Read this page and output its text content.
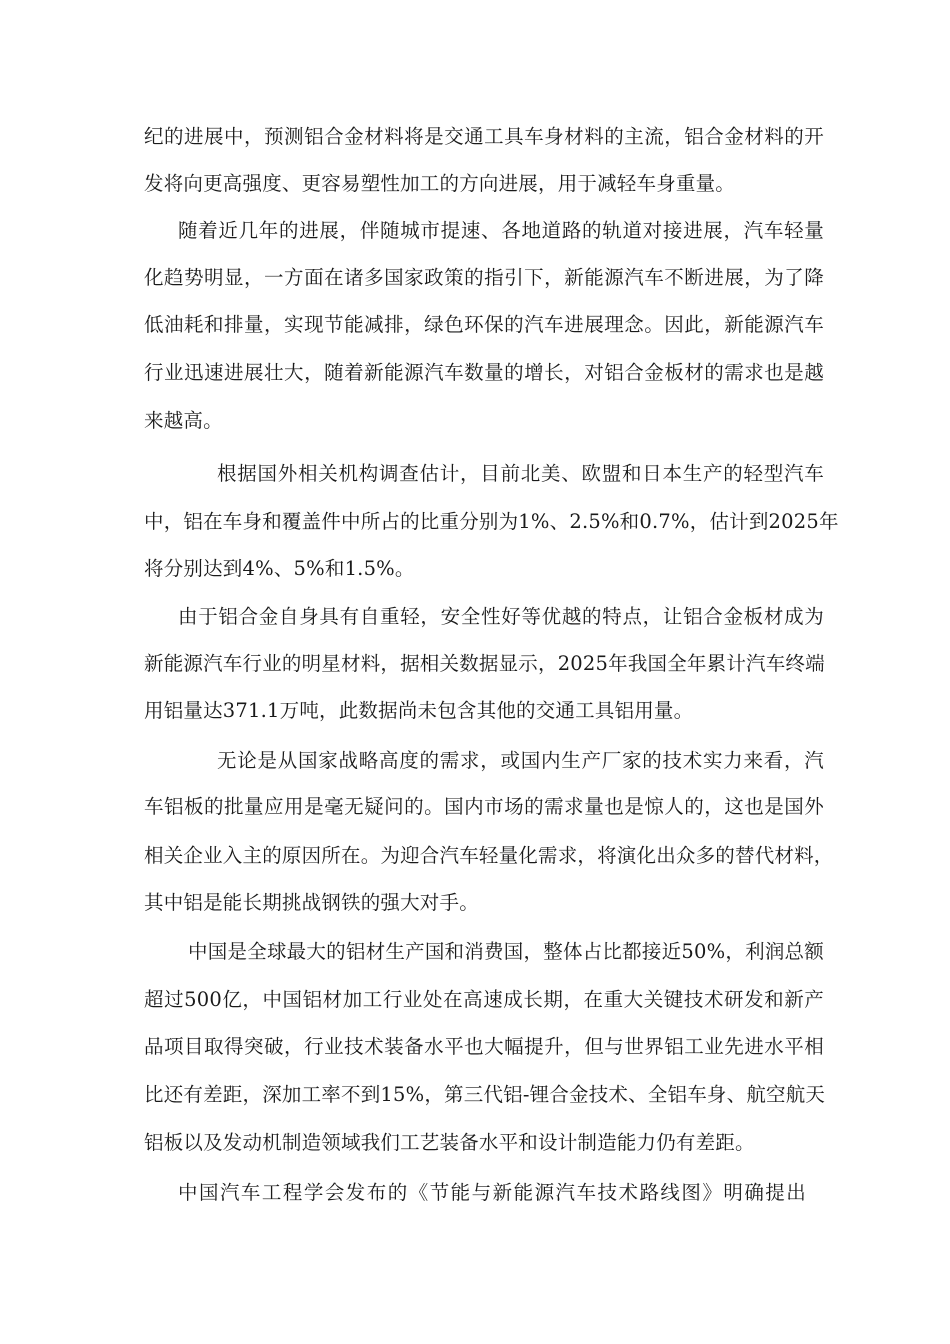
纪的进展中，预测铝合金材料将是交通工具车身材料的主流，铝合金材料的开
发将向更高强度、更容易塑性加工的方向进展，用于减轻车身重量。
随着近几年的进展，伴随城市提速、各地道路的轨道对接进展，汽车轻量
化趋势明显，一方面在诸多国家政策的指引下，新能源汽车不断进展，为了降
低油耗和排量，实现节能减排，绿色环保的汽车进展理念。因此，新能源汽车
行业迅速进展壮大，随着新能源汽车数量的增长，对铝合金板材的需求也是越
来越高。
根据国外相关机构调查估计，目前北美、欧盟和日本生产的轻型汽车
中，铝在车身和覆盖件中所占的比重分别为1%、2.5%和0.7%，估计到2025年
将分别达到4%、5%和1.5%。
由于铝合金自身具有自重轻，安全性好等优越的特点，让铝合金板材成为
新能源汽车行业的明星材料，据相关数据显示，2025年我国全年累计汽车终端
用铝量达371.1万吨，此数据尚未包含其他的交通工具铝用量。
无论是从国家战略高度的需求，或国内生产厂家的技术实力来看，汽
车铝板的批量应用是毫无疑问的。国内市场的需求量也是惊人的，这也是国外
相关企业入主的原因所在。为迎合汽车轻量化需求，将演化出众多的替代材料，
其中铝是能长期挑战钢铁的强大对手。
中国是全球最大的铝材生产国和消费国，整体占比都接近50%，利润总额
超过500亿，中国铝材加工行业处在高速成长期，在重大关键技术研发和新产
品项目取得突破，行业技术装备水平也大幅提升，但与世界铝工业先进水平相
比还有差距，深加工率不到15%，第三代铝-锂合金技术、全铝车身、航空航天
铝板以及发动机制造领域我们工艺装备水平和设计制造能力仍有差距。
中国汽车工程学会发布的《节能与新能源汽车技术路线图》明确提出
